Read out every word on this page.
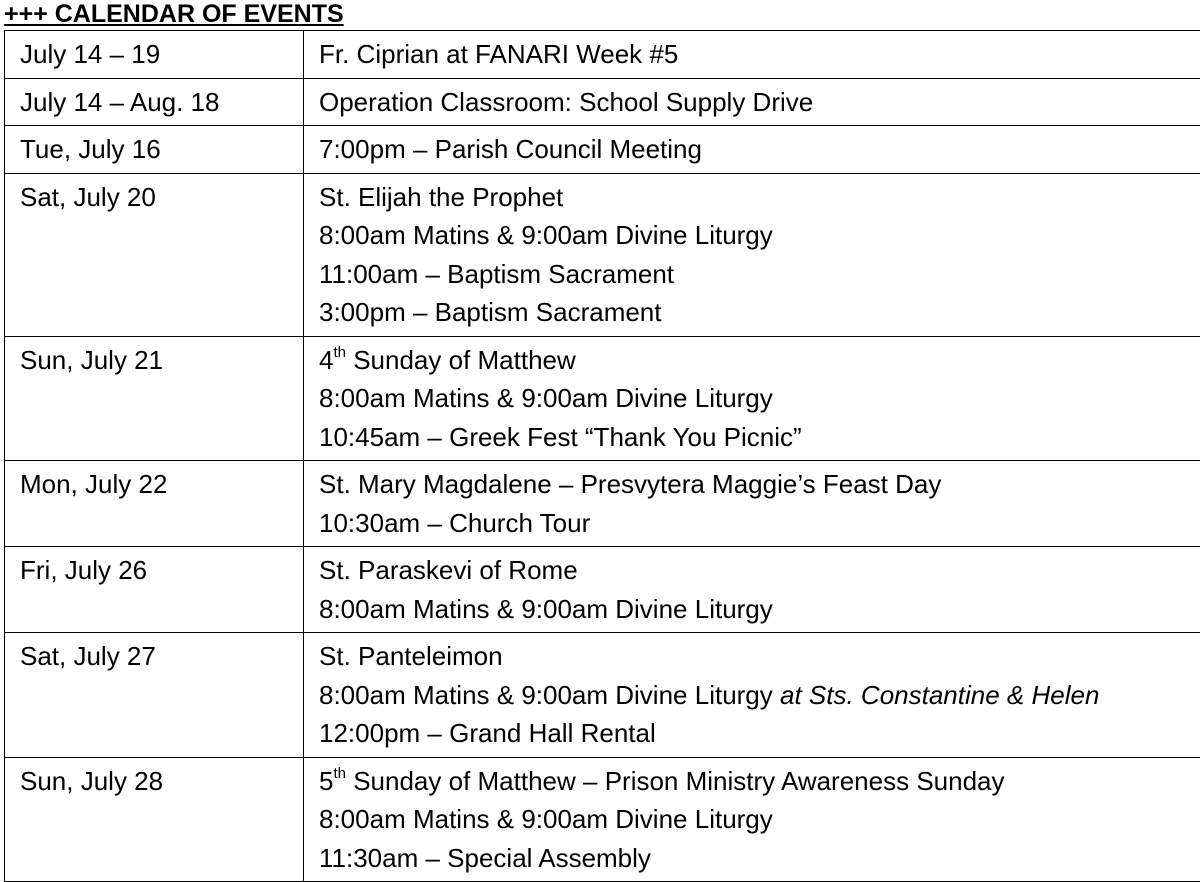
+++ CALENDAR OF EVENTS
July 14 – 19	Fr. Ciprian at FANARI Week #5

July 14 – Aug. 18	Operation Classroom: School Supply Drive

Tue, July 16	7:00pm – Parish Council Meeting

Sat, July 20	St. Elijah the Prophet
8:00am Matins & 9:00am Divine Liturgy
11:00am – Baptism Sacrament
3:00pm – Baptism Sacrament

Sun, July 21	4th Sunday of Matthew
8:00am Matins & 9:00am Divine Liturgy
10:45am – Greek Fest “Thank You Picnic”

Mon, July 22	St. Mary Magdalene – Presvytera Maggie’s Feast Day
10:30am – Church Tour

Fri, July 26	St. Paraskevi of Rome
8:00am Matins & 9:00am Divine Liturgy

Sat, July 27	St. Panteleimon
8:00am Matins & 9:00am Divine Liturgy at Sts. Constantine & Helen
12:00pm – Grand Hall Rental

Sun, July 28	5th Sunday of Matthew – Prison Ministry Awareness Sunday
8:00am Matins & 9:00am Divine Liturgy
11:30am – Special Assembly
